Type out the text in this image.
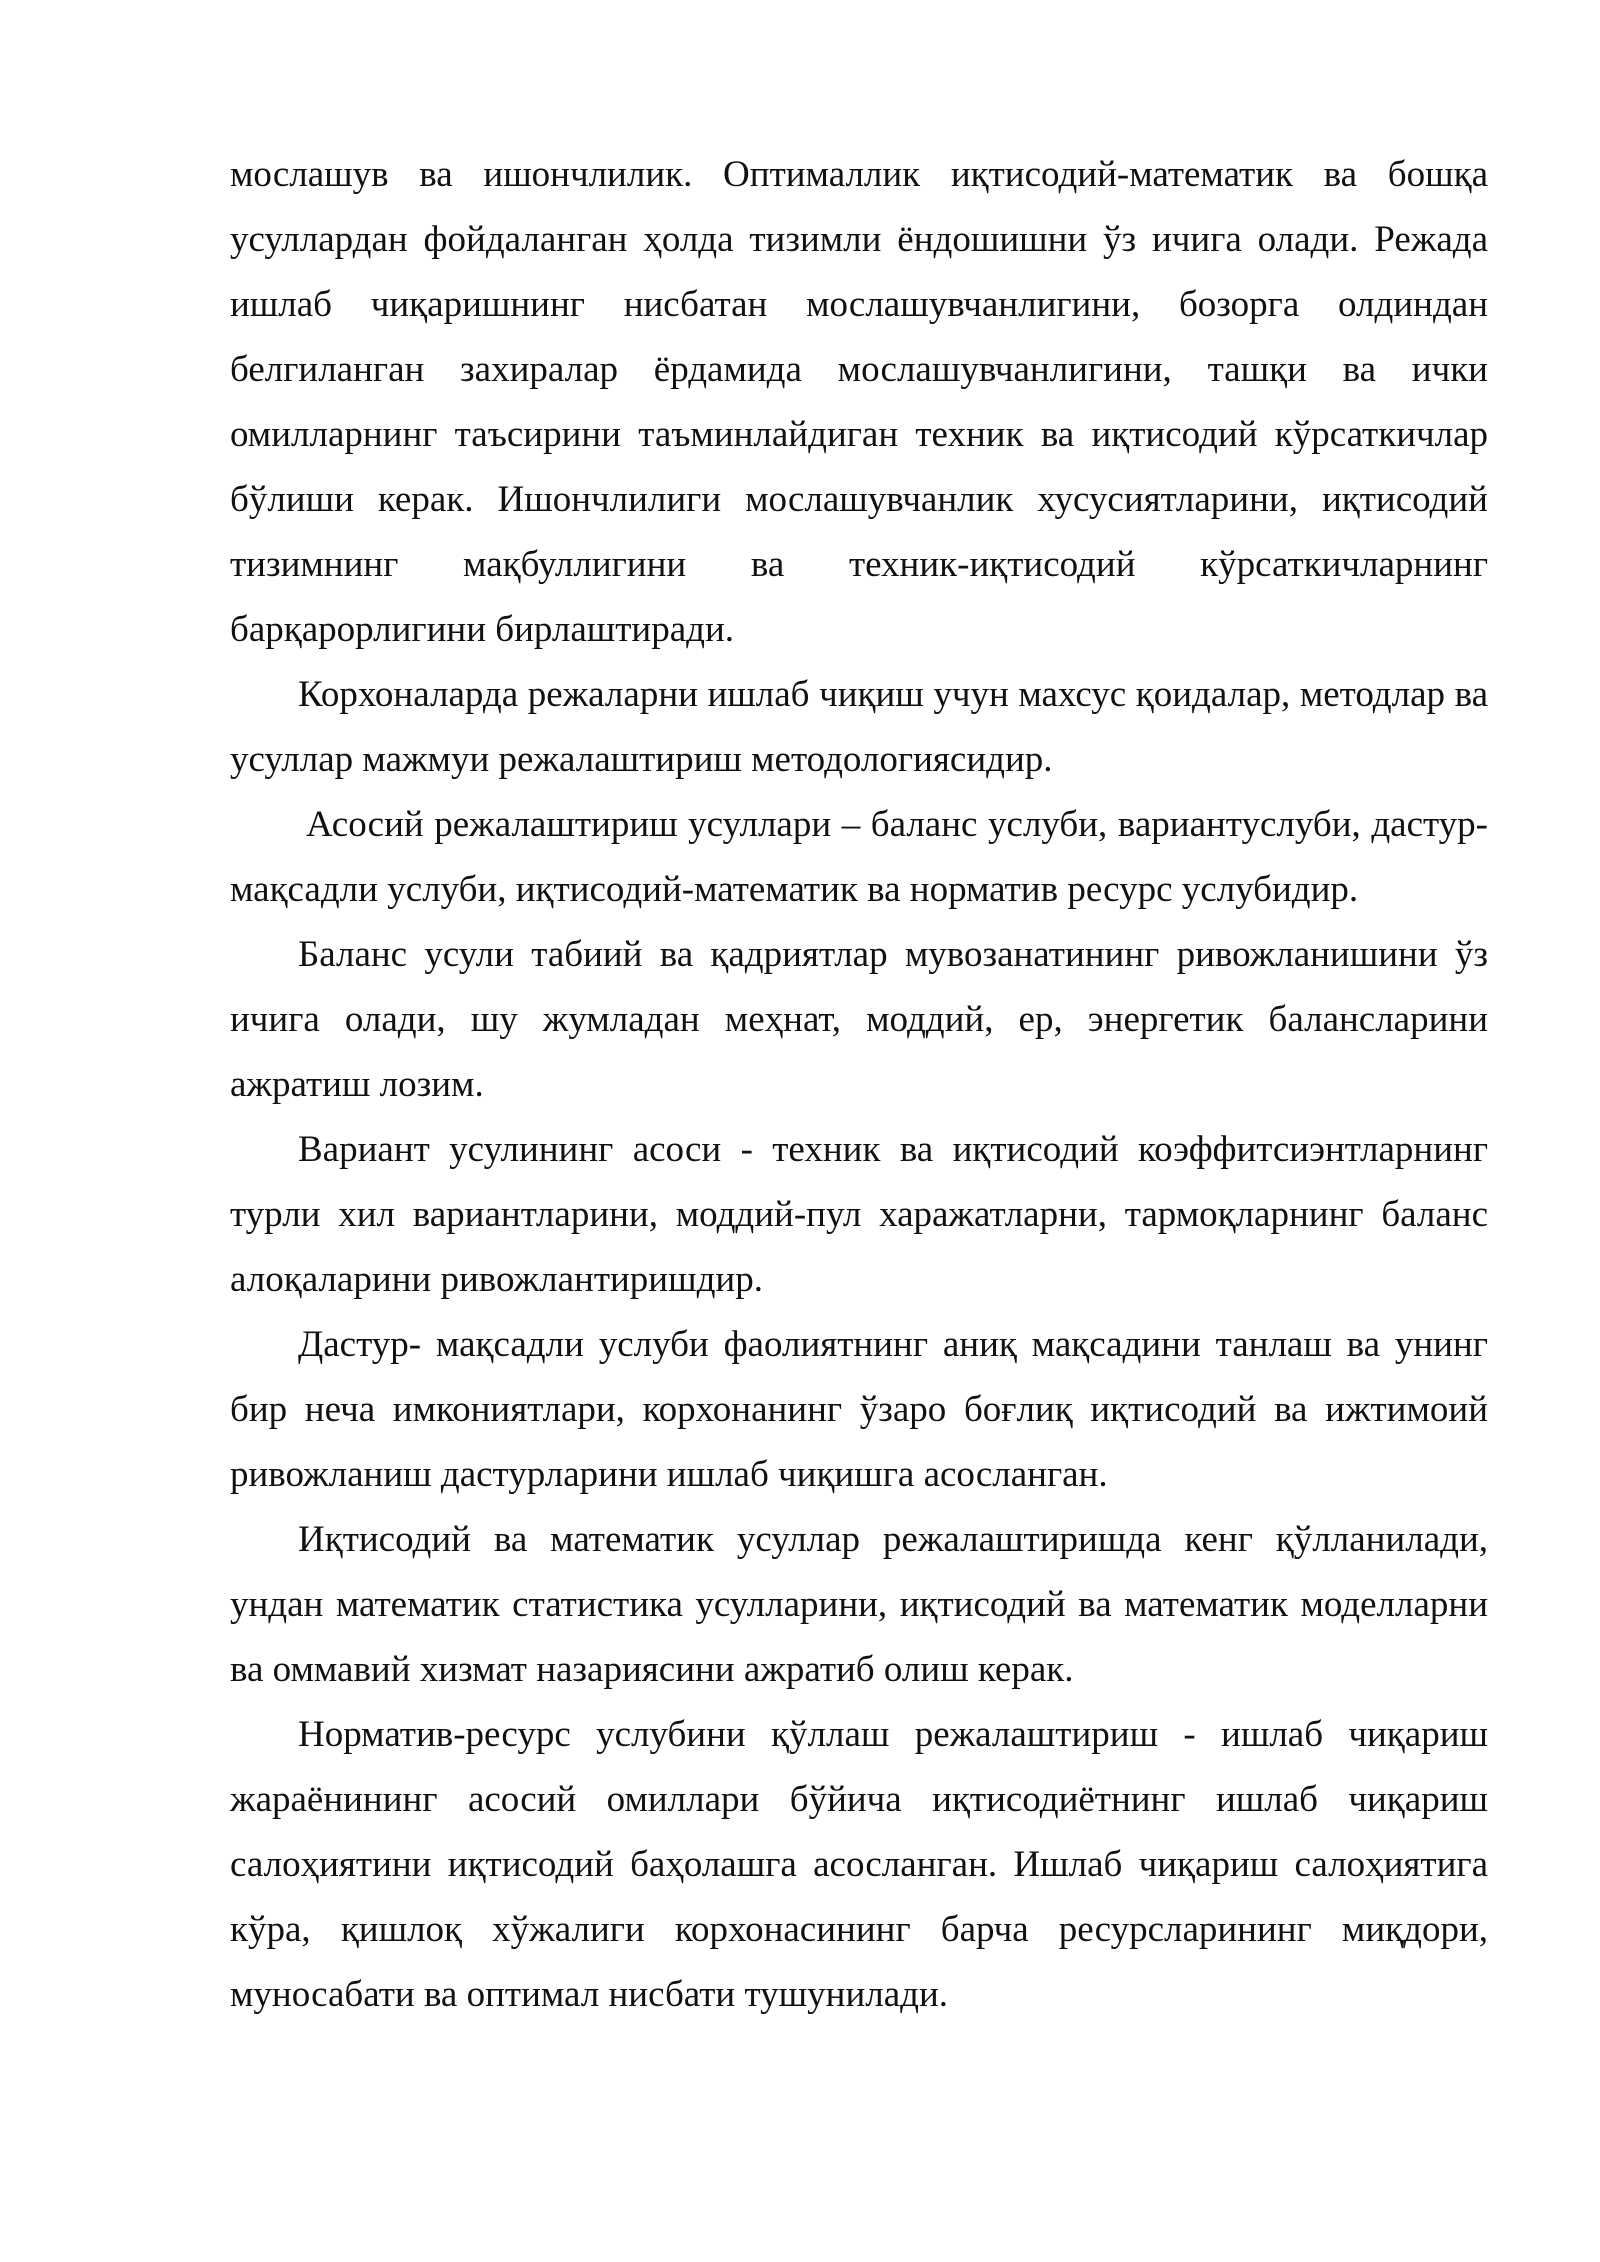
мослашув ва ишончлилик. Оптималлик иқтисодий-математик ва бошқа усуллардан фойдаланган ҳолда тизимли ёндошишни ўз ичига олади. Режада ишлаб чиқаришнинг нисбатан мослашувчанлигини, бозорга олдиндан белгиланган захиралар ёрдамида мослашувчанлигини, ташқи ва ички омилларнинг таъсирини таъминлайдиган техник ва иқтисодий кўрсаткичлар бўлиши керак. Ишончлилиги мослашувчанлик хусусиятларини, иқтисодий тизимнинг мақбуллигини ва техник-иқтисодий кўрсаткичларнинг барқарорлигини бирлаштиради.

Корхоналарда режаларни ишлаб чиқиш учун махсус қоидалар, методлар ва усуллар мажмуи режалаштириш методологиясидир.

Асосий режалаштириш усуллари – баланс услуби, вариантуслуби, дастур-мақсадли услуби, иқтисодий-математик ва норматив ресурс услубидир.

Баланс усули табиий ва қадриятлар мувозанатининг ривожланишини ўз ичига олади, шу жумладан меҳнат, моддий, ер, энергетик балансларини ажратиш лозим.

Вариант усулининг асоси - техник ва иқтисодий коэффитсиэнтларнинг турли хил вариантларини, моддий-пул харажатларни, тармоқларнинг баланс алоқаларини ривожлантиришдир.

Дастур- мақсадли услуби фаолиятнинг аниқ мақсадини танлаш ва унинг бир неча имкониятлари, корхонанинг ўзаро боғлиқ иқтисодий ва ижтимоий ривожланиш дастурларини ишлаб чиқишга асосланган.

Иқтисодий ва математик усуллар режалаштиришда кенг қўлланилади, ундан математик статистика усулларини, иқтисодий ва математик моделларни ва оммавий хизмат назариясини ажратиб олиш керак.

Норматив-ресурс услубини қўллаш режалаштириш - ишлаб чиқариш жараёнининг асосий омиллари бўйича иқтисодиётнинг ишлаб чиқариш салоҳиятини иқтисодий баҳолашга асосланган. Ишлаб чиқариш салоҳиятига кўра, қишлоқ хўжалиги корхонасининг барча ресурсларининг миқдори, муносабати ва оптимал нисбати тушунилади.
